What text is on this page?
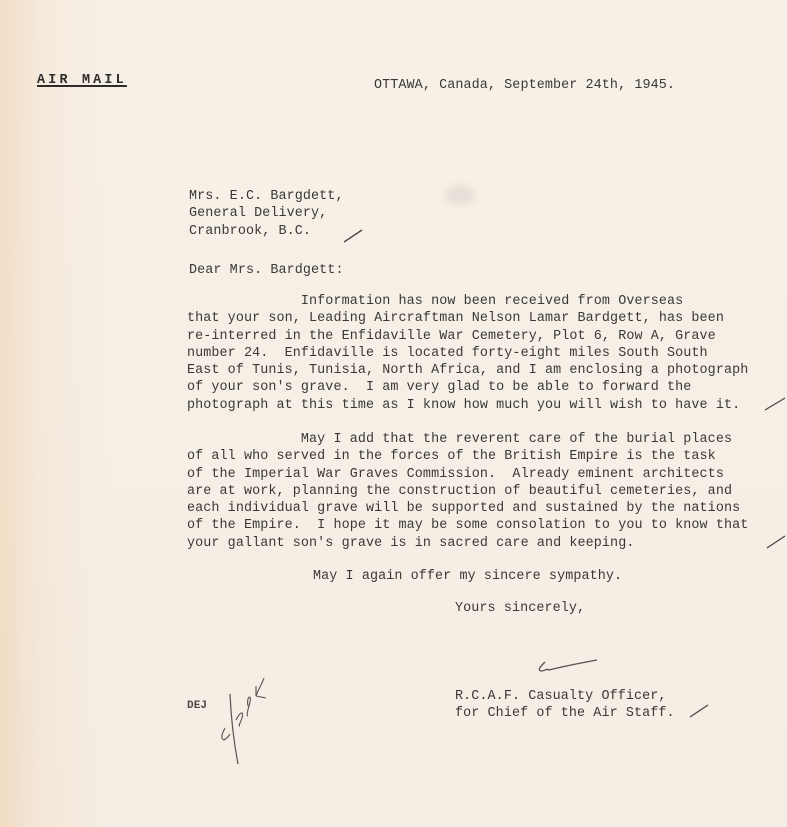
AIR MAIL	OTTAWA, Canada, September 24th, 1945.
Mrs. E.C. Bargdett,
General Delivery,
Cranbrook, B.C.
Dear Mrs. Bardgett:
Information has now been received from Overseas
that your son, Leading Aircraftman Nelson Lamar Bardgett, has been
re-interred in the Enfidaville War Cemetery, Plot 6, Row A, Grave
number 24.  Enfidaville is located forty-eight miles South South
East of Tunis, Tunisia, North Africa, and I am enclosing a photograph
of your son's grave.  I am very glad to be able to forward the
photograph at this time as I know how much you will wish to have it.
May I add that the reverent care of the burial places
of all who served in the forces of the British Empire is the task
of the Imperial War Graves Commission.  Already eminent architects
are at work, planning the construction of beautiful cemeteries, and
each individual grave will be supported and sustained by the nations
of the Empire.  I hope it may be some consolation to you to know that
your gallant son's grave is in sacred care and keeping.
May I again offer my sincere sympathy.
Yours sincerely,
R.C.A.F. Casualty Officer,
for Chief of the Air Staff.
DEJ
